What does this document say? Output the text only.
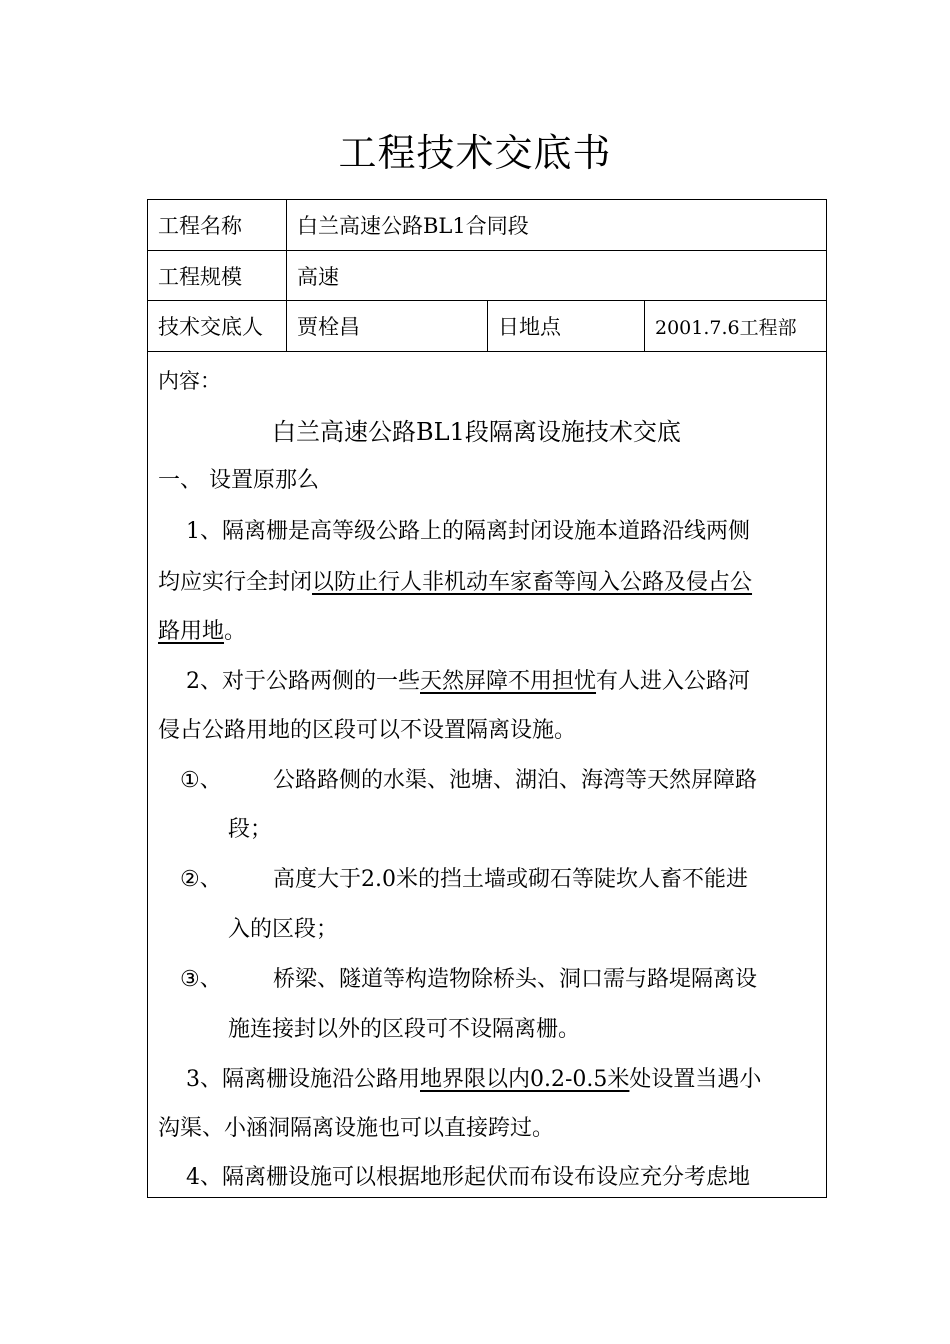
工程技术交底书
工程名称	白兰高速公路BL1合同段
工程规模	高速
技术交底人	贾栓昌	日地点	2001.7.6工程部
内容：
白兰高速公路BL1段隔离设施技术交底
一、 设置原那么
1、隔离栅是高等级公路上的隔离封闭设施本道路沿线两侧
均应实行全封闭以防止行人非机动车家畜等闯入公路及侵占公
路用地。
2、对于公路两侧的一些天然屏障不用担忧有人进入公路河
侵占公路用地的区段可以不设置隔离设施。
①、 公路路侧的水渠、池塘、湖泊、海湾等天然屏障路
段；
②、 高度大于2.0米的挡土墙或砌石等陡坎人畜不能进
入的区段；
③、 桥梁、隧道等构造物除桥头、洞口需与路堤隔离设
施连接封以外的区段可不设隔离栅。
3、隔离栅设施沿公路用地界限以内0.2-0.5米处设置当遇小
沟渠、小涵洞隔离设施也可以直接跨过。
4、隔离栅设施可以根据地形起伏而布设布设应充分考虑地
